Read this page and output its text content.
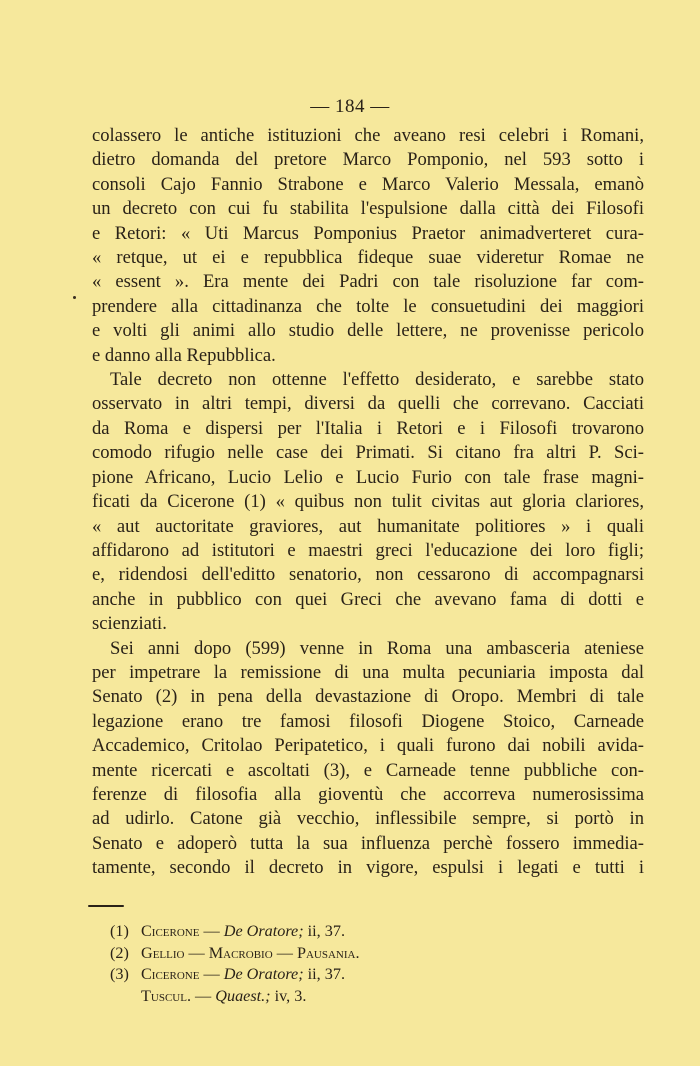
— 184 —
colassero le antiche istituzioni che aveano resi celebri i Romani,
dietro domanda del pretore Marco Pomponio, nel 593 sotto i
consoli Cajo Fannio Strabone e Marco Valerio Messala, emanò
un decreto con cui fu stabilita l'espulsione dalla città dei Filosofi
e Retori: « Uti Marcus Pomponius Praetor animadverteret cura-
« retque, ut ei e repubblica fideque suae videretur Romae ne
« essent ». Era mente dei Padri con tale risoluzione far com-
prendere alla cittadinanza che tolte le consuetudini dei maggiori
e volti gli animi allo studio delle lettere, ne provenisse pericolo
e danno alla Repubblica.
Tale decreto non ottenne l'effetto desiderato, e sarebbe stato
osservato in altri tempi, diversi da quelli che correvano. Cacciati
da Roma e dispersi per l'Italia i Retori e i Filosofi trovarono
comodo rifugio nelle case dei Primati. Si citano fra altri P. Sci-
pione Africano, Lucio Lelio e Lucio Furio con tale frase magni-
ficati da Cicerone (1) « quibus non tulit civitas aut gloria clariores,
« aut auctoritate graviores, aut humanitate politiores » i quali
affidarono ad istitutori e maestri greci l'educazione dei loro figli;
e, ridendosi dell'editto senatorio, non cessarono di accompagnarsi
anche in pubblico con quei Greci che avevano fama di dotti e
scienziati.
Sei anni dopo (599) venne in Roma una ambasceria ateniese
per impetrare la remissione di una multa pecuniaria imposta dal
Senato (2) in pena della devastazione di Oropo. Membri di tale
legazione erano tre famosi filosofi Diogene Stoico, Carneade
Accademico, Critolao Peripatetico, i quali furono dai nobili avida-
mente ricercati e ascoltati (3), e Carneade tenne pubbliche con-
ferenze di filosofia alla gioventù che accorreva numerosissima
ad udirlo. Catone già vecchio, inflessibile sempre, si portò in
Senato e adoperò tutta la sua influenza perchè fossero immedia-
tamente, secondo il decreto in vigore, espulsi i legati e tutti i
(1) Cicerone — De Oratore; ii, 37.
(2) Gellio — Macrobio — Pausania.
(3) Cicerone — De Oratore; ii, 37.
Tuscul. — Quaest.; iv, 3.
